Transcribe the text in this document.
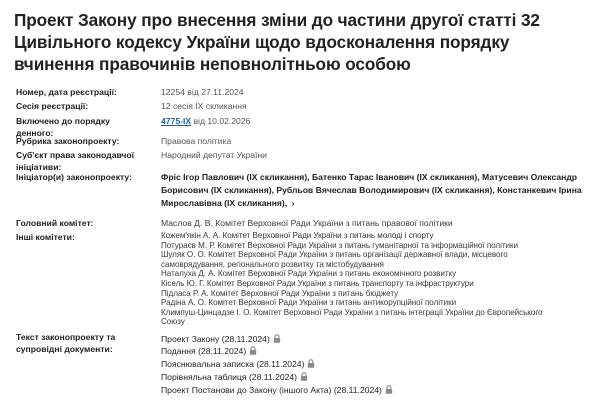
Проект Закону про внесення зміни до частини другої статті 32 Цивільного кодексу України щодо вдосконалення порядку вчинення правочинів неповнолітньою особою
Номер, дата реєстрації:	12254 від 27.11.2024
Сесія реєстрації:	12 сесія IX скликання
Включено до порядку денного:
4775-IX від 10.02.2026
Рубрика законопроекту:	Правова політика
Суб'єкт права законодавчої ініціативи:
Народний депутат України
Ініціатор(и) законопроекту:	Фріс Ігор Павлович (IX скликання), Батенко Тарас Іванович (IX скликання), Матусевич Олександр
Борисович (IX скликання), Рубльов Вячеслав Володимирович (IX скликання), Констанкевич Ірина
Мирославівна (IX скликання), ›
Головний комітет:	Маслов Д. В. Комітет Верховної Ради України з питань правової політики
Інші комітети:	Кожем'якін А. А. Комітет Верховної Ради України з питань молоді і спорту
Потураєв М. Р. Комітет Верховної Ради України з питань гуманітарної та інформаційної політики
Шуляк О. О. Комітет Верховної Ради України з питань організації державної влади, місцевого
самоврядування, регіонального розвитку та містобудування
Наталуха Д. А. Комітет Верховної Ради України з питань економічного розвитку
Кісель Ю. Г. Комітет Верховної Ради України з питань транспорту та інфраструктури
Підласа Р. А. Комітет Верховної Ради України з питань бюджету
Радіна А. О. Комітет Верховної Ради України з питань антикорупційної політики
Климпуш-Цинцадзе І. О. Комітет Верховної Ради України з питань інтеграції України до Європейського
Союзу
Текст законопроекту та супровідні документи:
Проект Закону (28.11.2024)
Подання (28.11.2024)
Пояснювальна записка (28.11.2024)
Порівняльна таблиця (28.11.2024)
Проект Постанови до Закону (іншого Акта) (28.11.2024)
